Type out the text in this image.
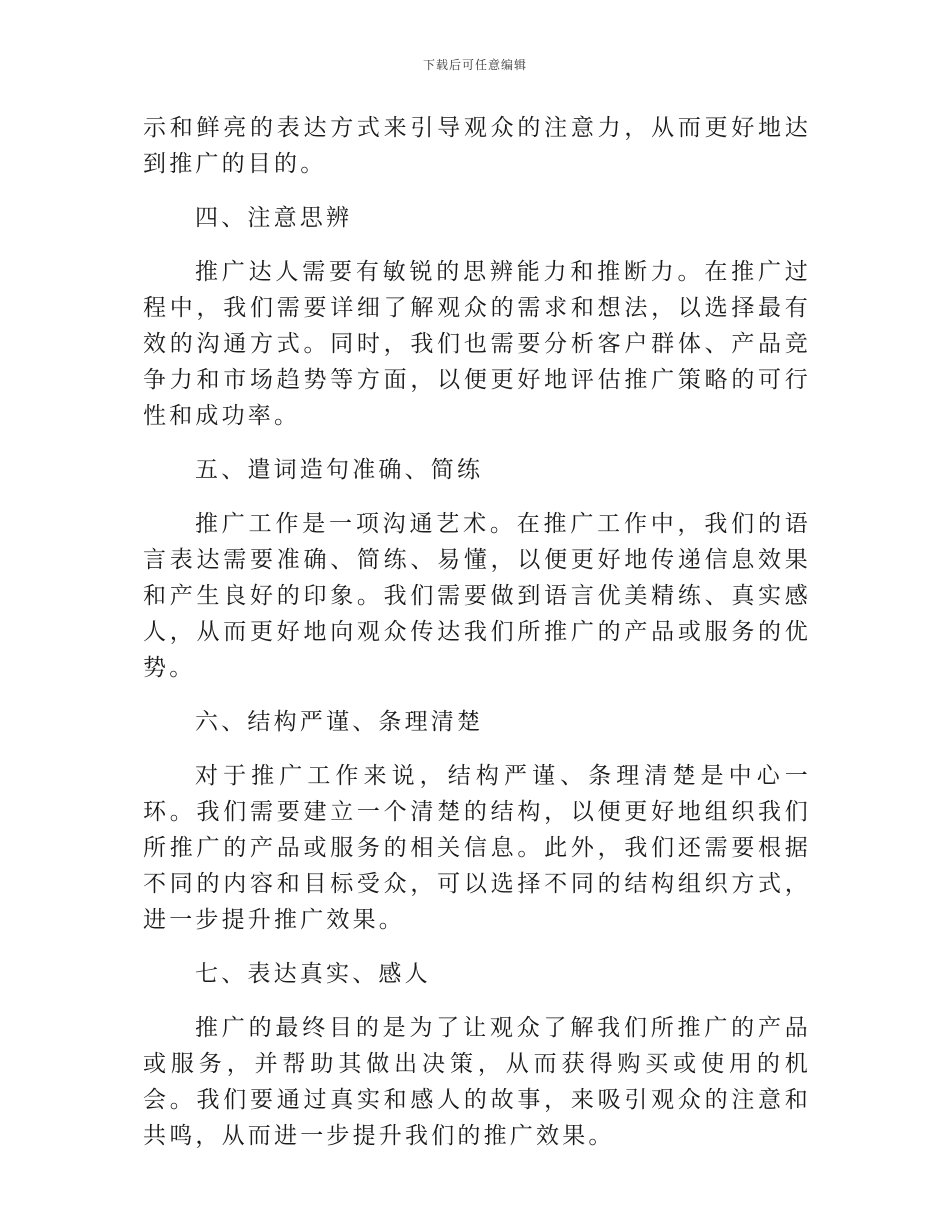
下载后可任意编辑

示和鲜亮的表达方式来引导观众的注意力，从而更好地达到推广的目的。

四、注意思辨

推广达人需要有敏锐的思辨能力和推断力。在推广过程中，我们需要详细了解观众的需求和想法，以选择最有效的沟通方式。同时，我们也需要分析客户群体、产品竞争力和市场趋势等方面，以便更好地评估推广策略的可行性和成功率。

五、遣词造句准确、简练

推广工作是一项沟通艺术。在推广工作中，我们的语言表达需要准确、简练、易懂，以便更好地传递信息效果和产生良好的印象。我们需要做到语言优美精练、真实感人，从而更好地向观众传达我们所推广的产品或服务的优势。

六、结构严谨、条理清楚

对于推广工作来说，结构严谨、条理清楚是中心一环。我们需要建立一个清楚的结构，以便更好地组织我们所推广的产品或服务的相关信息。此外，我们还需要根据不同的内容和目标受众，可以选择不同的结构组织方式，进一步提升推广效果。

七、表达真实、感人

推广的最终目的是为了让观众了解我们所推广的产品或服务，并帮助其做出决策，从而获得购买或使用的机会。我们要通过真实和感人的故事，来吸引观众的注意和共鸣，从而进一步提升我们的推广效果。
